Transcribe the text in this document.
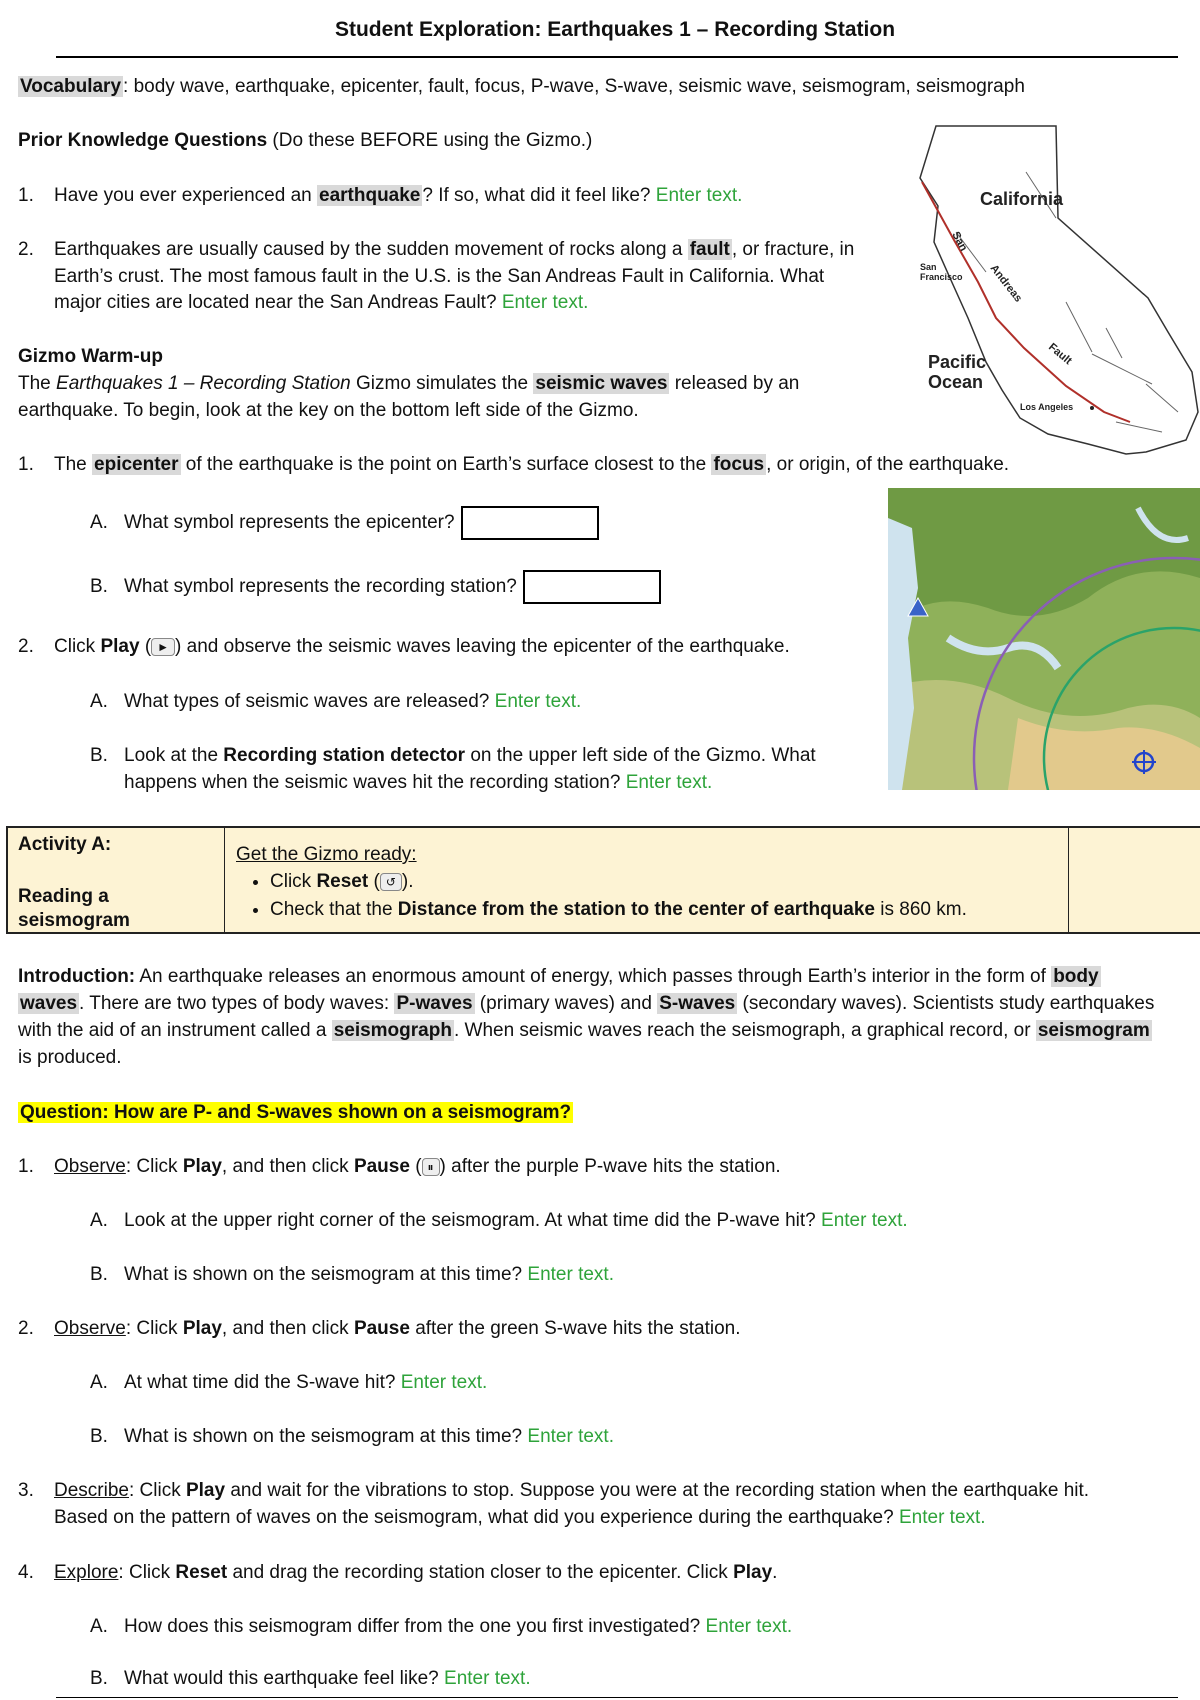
Student Exploration: Earthquakes 1 – Recording Station
Vocabulary : body wave, earthquake, epicenter, fault, focus, P-wave, S-wave, seismic wave, seismogram, seismograph
Prior Knowledge Questions (Do these BEFORE using the Gizmo.)
1. Have you ever experienced an earthquake ? If so, what did it feel like? Enter text.
2. Earthquakes are usually caused by the sudden movement of rocks along a fault , or fracture, in
Earth’s crust. The most famous fault in the U.S. is the San Andreas Fault in California. What
major cities are located near the San Andreas Fault? Enter text.
California
Pacific
Ocean
San
Francisco
Los Angeles
San
Andreas
Fault
Gizmo Warm-up
The Earthquakes 1 – Recording Station Gizmo simulates the seismic waves released by an
earthquake. To begin, look at the key on the bottom left side of the Gizmo.
1. The epicenter of the earthquake is the point on Earth’s surface closest to the focus , or origin, of the earthquake.
A. What symbol represents the epicenter?
B. What symbol represents the recording station?
2. Click Play ( ► ) and observe the seismic waves leaving the epicenter of the earthquake.
A. What types of seismic waves are released? Enter text.
B. Look at the Recording station detector on the upper left side of the Gizmo. What
happens when the seismic waves hit the recording station? Enter text.
Activity A:
Reading a
seismogram
Get the Gizmo ready:
• Click Reset ( ↺ ).
• Check that the Distance from the station to the center of earthquake is 860 km.
Introduction: An earthquake releases an enormous amount of energy, which passes through Earth’s interior in the form of body
waves . There are two types of body waves: P-waves (primary waves) and S-waves (secondary waves). Scientists study earthquakes
with the aid of an instrument called a seismograph . When seismic waves reach the seismograph, a graphical record, or seismogram
is produced.
Question: How are P- and S-waves shown on a seismogram?
1. Observe: Click Play, and then click Pause ( ⏸ ) after the purple P-wave hits the station.
A. Look at the upper right corner of the seismogram. At what time did the P-wave hit? Enter text.
B. What is shown on the seismogram at this time? Enter text.
2. Observe: Click Play, and then click Pause after the green S-wave hits the station.
A. At what time did the S-wave hit? Enter text.
B. What is shown on the seismogram at this time? Enter text.
3. Describe: Click Play and wait for the vibrations to stop. Suppose you were at the recording station when the earthquake hit.
Based on the pattern of waves on the seismogram, what did you experience during the earthquake? Enter text.
4. Explore: Click Reset and drag the recording station closer to the epicenter. Click Play.
A. How does this seismogram differ from the one you first investigated? Enter text.
B. What would this earthquake feel like? Enter text.
